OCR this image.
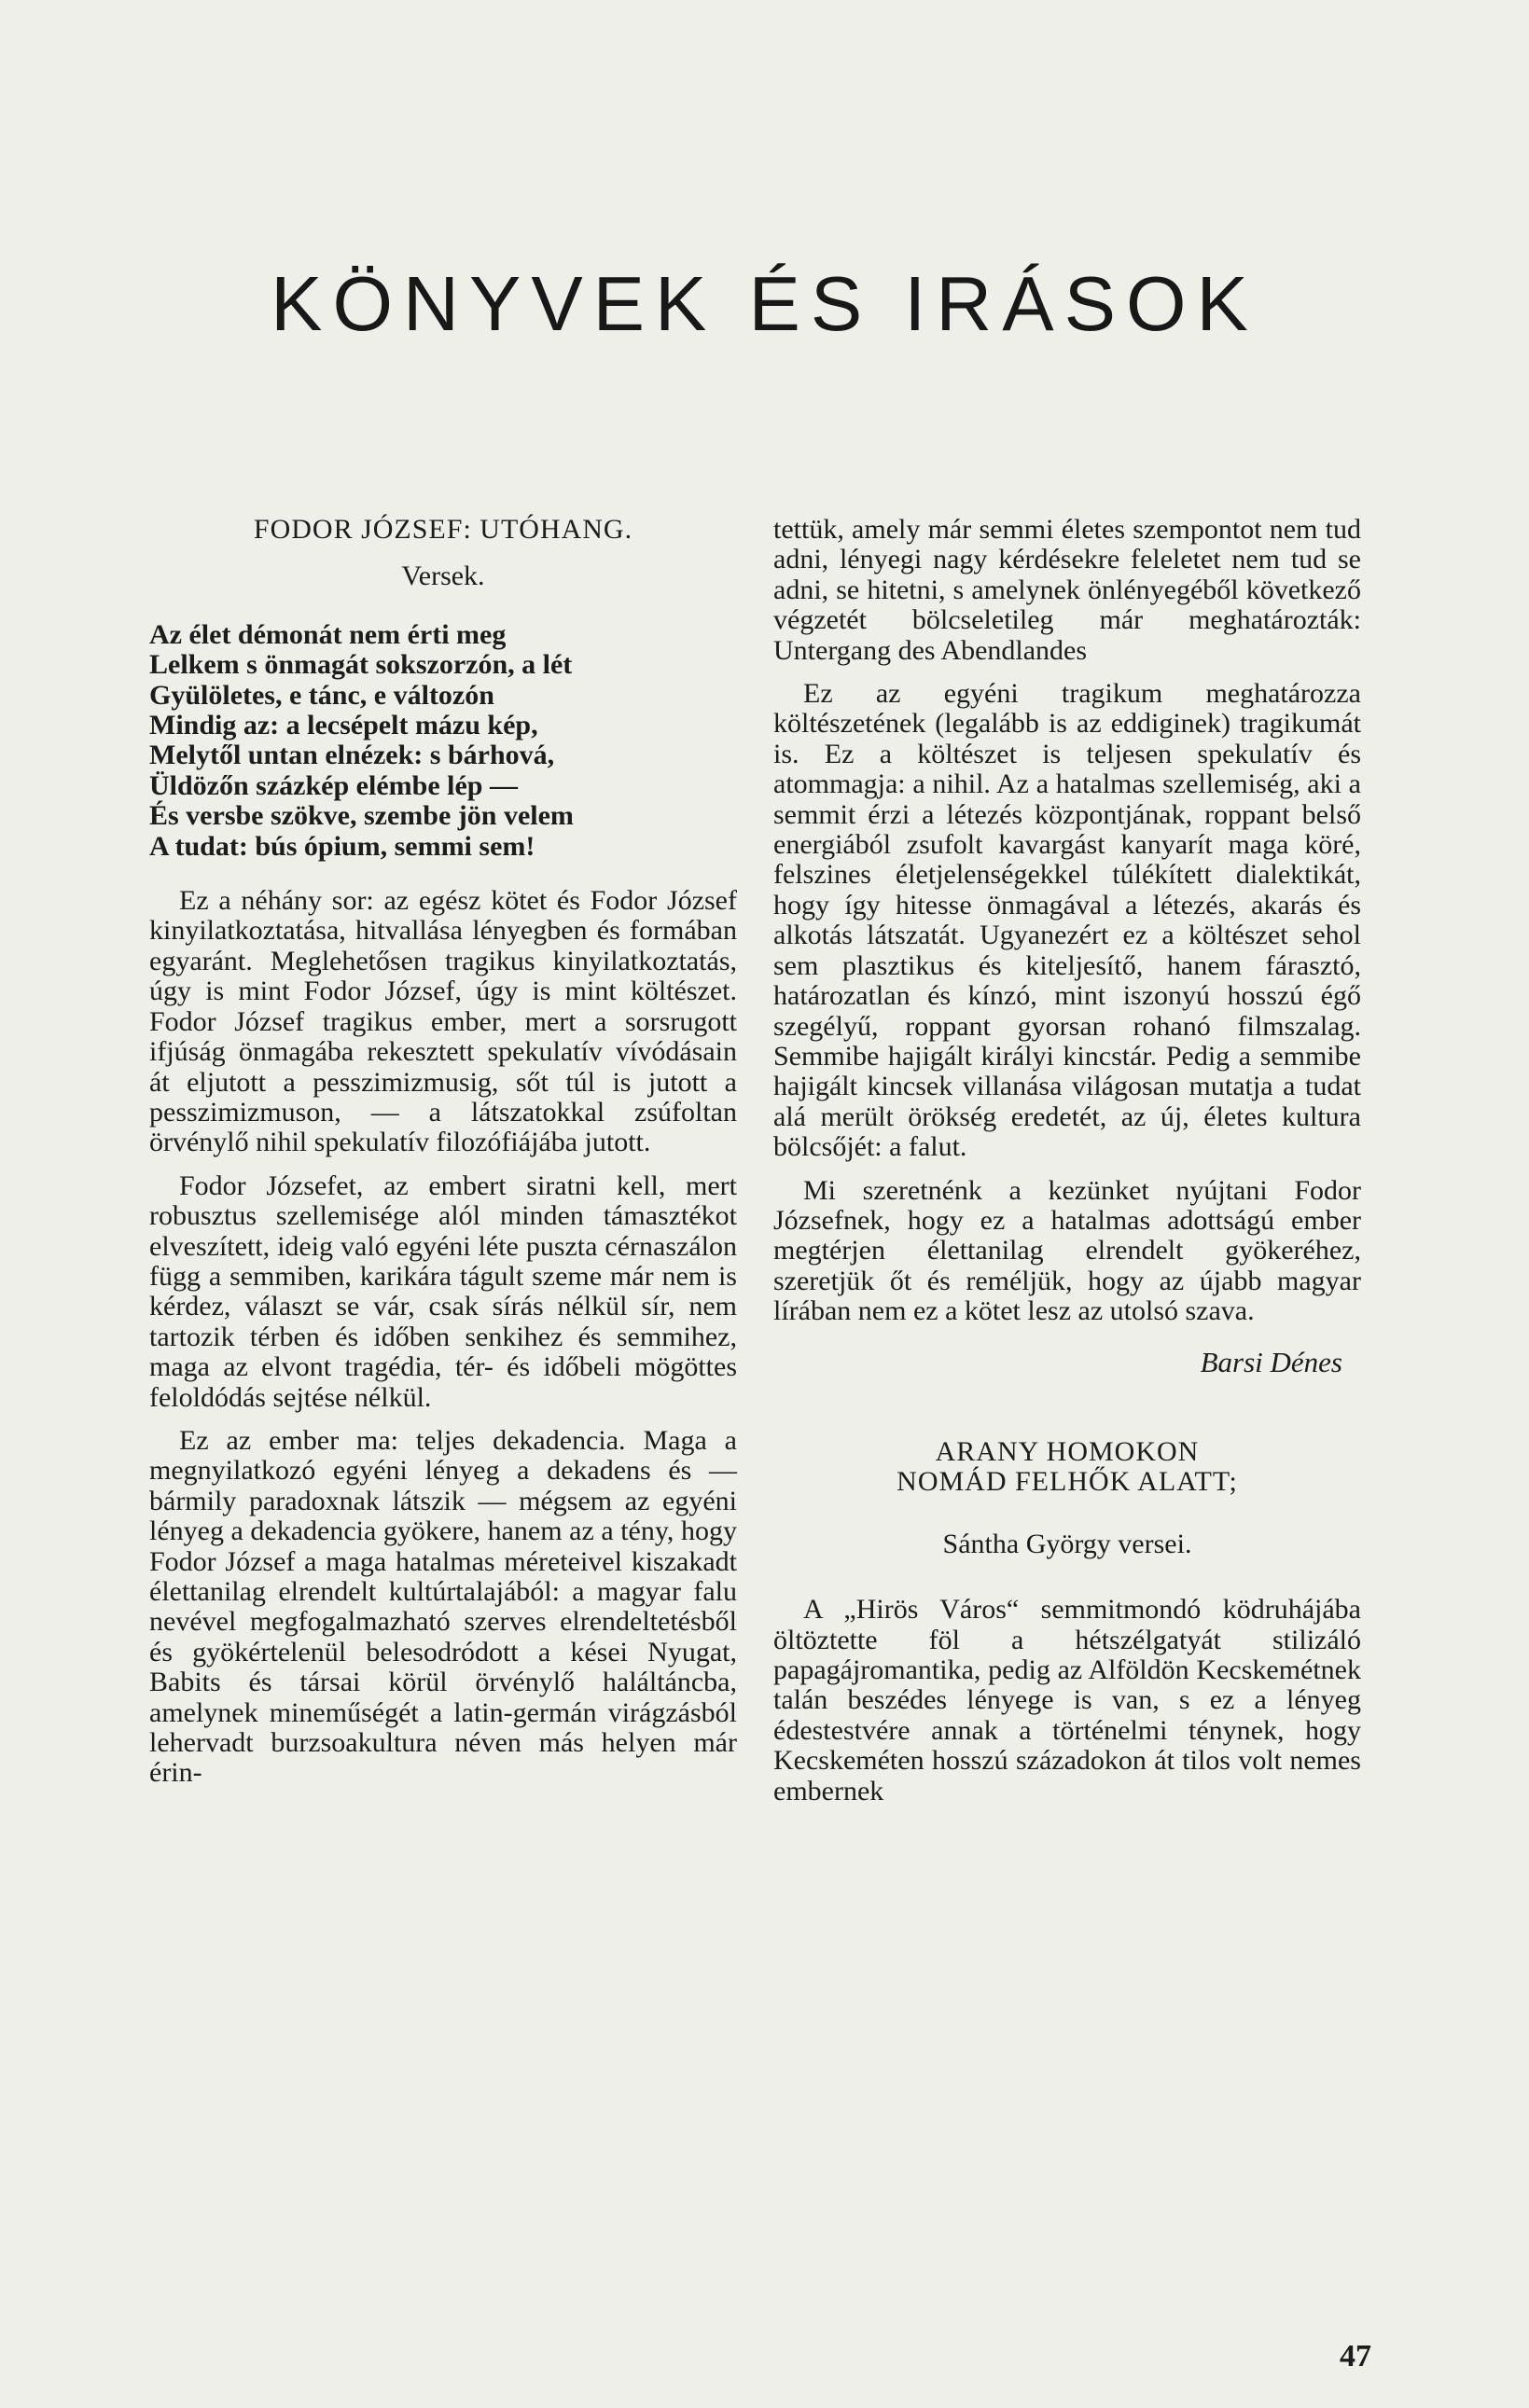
KÖNYVEK ÉS IRÁSOK

FODOR JÓZSEF: UTÓHANG.

Versek.

Az élet démonát nem érti meg
Lelkem s önmagát sokszorzón, a lét
Gyülöletes, e tánc, e változón
Mindig az: a lecsépelt mázu kép,
Melytől untan elnézek: s bárhová,
Üldözőn százkép elémbe lép —
És versbe szökve, szembe jön velem
A tudat: bús ópium, semmi sem!

Ez a néhány sor: az egész kötet és Fodor József kinyilatkoztatása, hitvallása lényegben és formában egyaránt. Meglehetősen tragikus kinyilatkoztatás, úgy is mint Fodor József, úgy is mint költészet. Fodor József tragikus ember, mert a sorsrugott ifjúság önmagába rekesztett spekulatív vívódásain át eljutott a pesszimizmusig, sőt túl is jutott a pesszimizmuson, — a látszatokkal zsúfoltan örvénylő nihil spekulatív filozófiájába jutott.

Fodor Józsefet, az embert siratni kell, mert robusztus szellemisége alól minden támasztékot elveszített, ideig való egyéni léte puszta cérnaszálon függ a semmiben, karikára tágult szeme már nem is kérdez, választ se vár, csak sírás nélkül sír, nem tartozik térben és időben senkihez és semmihez, maga az elvont tragédia, tér- és időbeli mögöttes feloldódás sejtése nélkül.

Ez az ember ma: teljes dekadencia. Maga a megnyilatkozó egyéni lényeg a dekadens és — bármily paradoxnak látszik — mégsem az egyéni lényeg a dekadencia gyökere, hanem az a tény, hogy Fodor József a maga hatalmas méreteivel kiszakadt élettanilag elrendelt kultúrtalajából: a magyar falu nevével megfogalmazható szerves elrendeltetésből és gyökértelenül belesodródott a kései Nyugat, Babits és társai körül örvénylő haláltáncba, amelynek mineműségét a latin-germán virágzásból lehervadt burzsoakultura néven más helyen már érin-

tettük, amely már semmi életes szempontot nem tud adni, lényegi nagy kérdésekre feleletet nem tud se adni, se hitetni, s amelynek önlényegéből következő végzetét bölcseletileg már meghatározták: Untergang des Abendlandes

Ez az egyéni tragikum meghatározza költészetének (legalább is az eddiginek) tragikumát is. Ez a költészet is teljesen spekulatív és atommagja: a nihil. Az a hatalmas szellemiség, aki a semmit érzi a létezés központjának, roppant belső energiából zsufolt kavargást kanyarít maga köré, felszines életjelenségekkel túlékített dialektikát, hogy így hitesse önmagával a létezés, akarás és alkotás látszatát. Ugyanezért ez a költészet sehol sem plasztikus és kiteljesítő, hanem fárasztó, határozatlan és kínzó, mint iszonyú hosszú égő szegélyű, roppant gyorsan rohanó filmszalag. Semmibe hajigált királyi kincstár. Pedig a semmibe hajigált kincsek villanása világosan mutatja a tudat alá merült örökség eredetét, az új, életes kultura bölcsőjét: a falut.

Mi szeretnénk a kezünket nyújtani Fodor Józsefnek, hogy ez a hatalmas adottságú ember megtérjen élettanilag elrendelt gyökeréhez, szeretjük őt és reméljük, hogy az újabb magyar lírában nem ez a kötet lesz az utolsó szava.

Barsi Dénes

ARANY HOMOKON

NOMÁD FELHŐK ALATT;

Sántha György versei.

A „Hirös Város“ semmitmondó ködruhájába öltöztette föl a hétszélgatyát stilizáló papagájromantika, pedig az Alföldön Kecskemétnek talán beszédes lényege is van, s ez a lényeg édestestvére annak a történelmi ténynek, hogy Kecskeméten hosszú századokon át tilos volt nemes embernek

47
